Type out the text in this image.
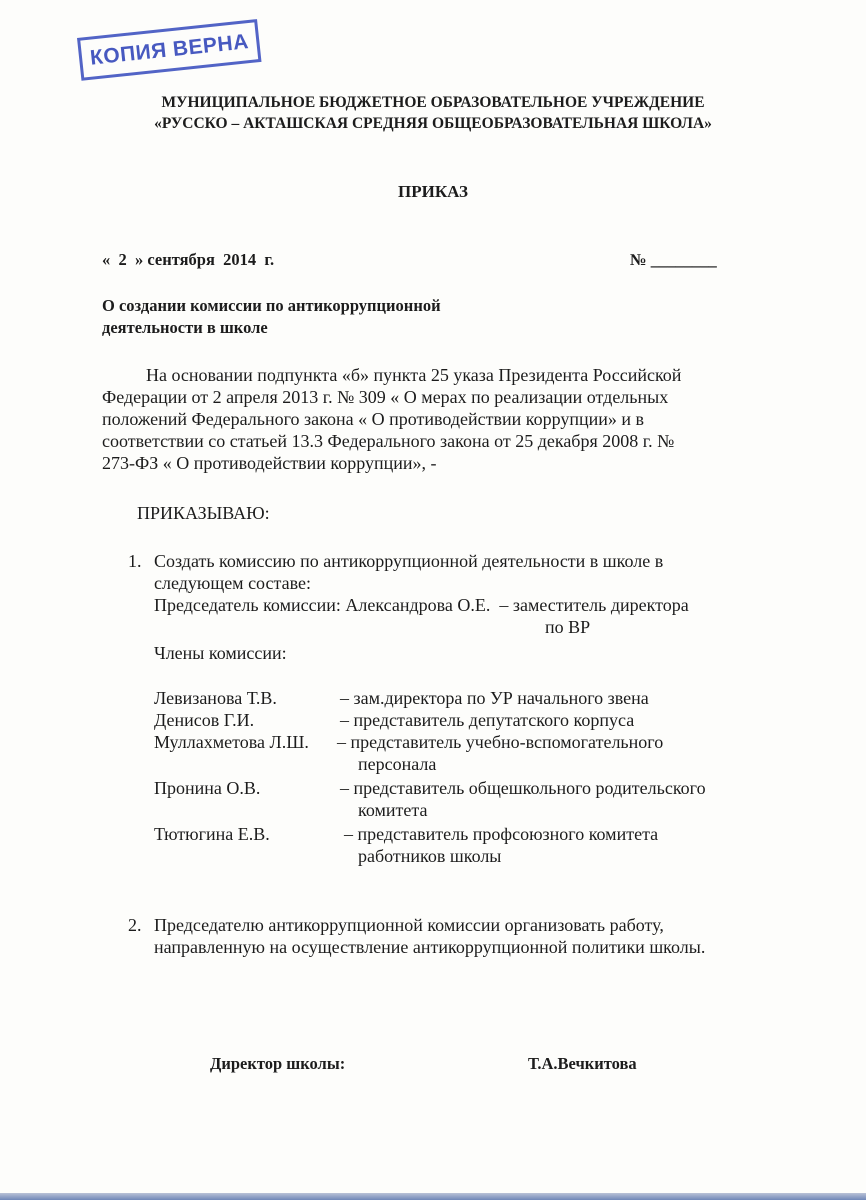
КОПИЯ ВЕРНА
МУНИЦИПАЛЬНОЕ БЮДЖЕТНОЕ ОБРАЗОВАТЕЛЬНОЕ УЧРЕЖДЕНИЕ
«РУССКО – АКТАШСКАЯ СРЕДНЯЯ ОБЩЕОБРАЗОВАТЕЛЬНАЯ ШКОЛА»
ПРИКАЗ
«  2  » сентября  2014  г.	№ ________
О создании комиссии по антикоррупционной
деятельности в школе
На основании подпункта «б» пункта 25 указа Президента Российской
Федерации от 2 апреля 2013 г. № 309 « О мерах по реализации отдельных
положений Федерального закона « О противодействии коррупции» и в
соответствии со статьей 13.3 Федерального закона от 25 декабря 2008 г. №
273-ФЗ « О противодействии коррупции», -
ПРИКАЗЫВАЮ:
1. Создать комиссию по антикоррупционной деятельности в школе в
следующем составе:
Председатель комиссии: Александрова О.Е.  – заместитель директора
по ВР
Члены комиссии:
Левизанова Т.В.	– зам.директора по УР начального звена
Денисов Г.И.	– представитель депутатского корпуса
Муллахметова Л.Ш. – представитель учебно-вспомогательного
персонала
Пронина О.В.	– представитель общешкольного родительского
комитета
Тютюгина Е.В.	– представитель профсоюзного комитета
работников школы
2. Председателю антикоррупционной комиссии организовать работу,
направленную на осуществление антикоррупционной политики школы.
Директор школы:	Т.А.Вечкитова
